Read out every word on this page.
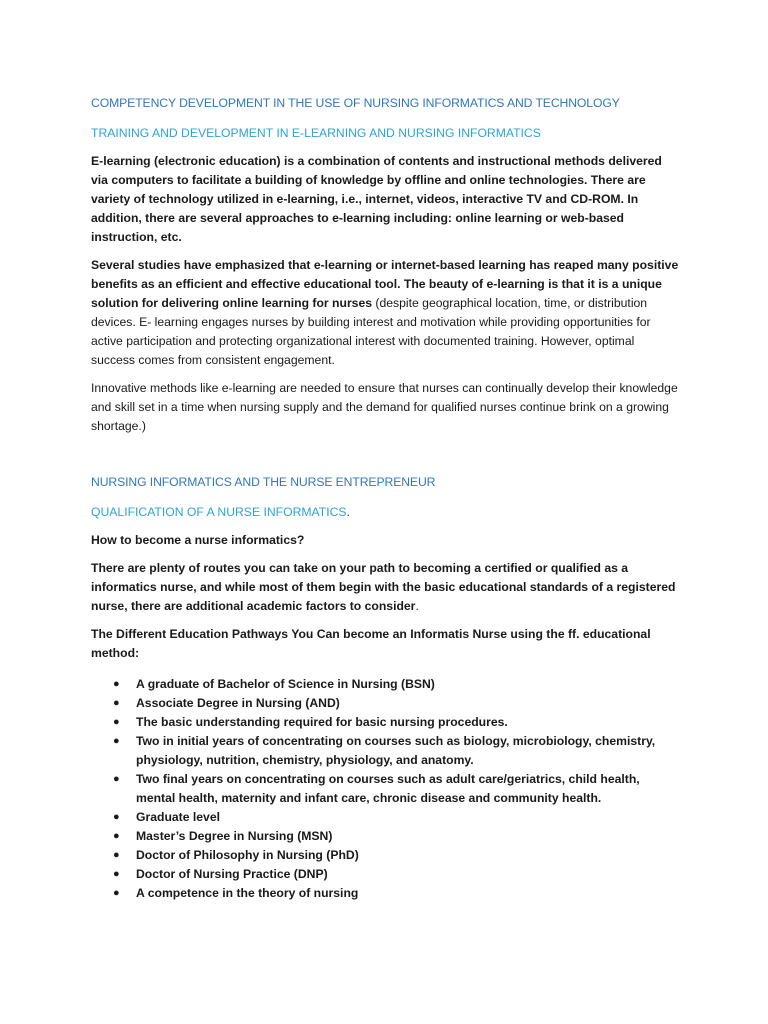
COMPETENCY DEVELOPMENT IN THE USE OF NURSING INFORMATICS AND TECHNOLOGY
TRAINING AND DEVELOPMENT IN E-LEARNING AND NURSING INFORMATICS

E-learning (electronic education) is a combination of contents and instructional methods delivered via computers to facilitate a building of knowledge by offline and online technologies. There are variety of technology utilized in e-learning, i.e., internet, videos, interactive TV and CD-ROM. In addition, there are several approaches to e-learning including: online learning or web-based instruction, etc.

Several studies have emphasized that e-learning or internet-based learning has reaped many positive benefits as an efficient and effective educational tool. The beauty of e-learning is that it is a unique solution for delivering online learning for nurses (despite geographical location, time, or distribution devices. E- learning engages nurses by building interest and motivation while providing opportunities for active participation and protecting organizational interest with documented training. However, optimal success comes from consistent engagement.

Innovative methods like e-learning are needed to ensure that nurses can continually develop their knowledge and skill set in a time when nursing supply and the demand for qualified nurses continue brink on a growing shortage.)

NURSING INFORMATICS AND THE NURSE ENTREPRENEUR
QUALIFICATION OF A NURSE INFORMATICS.

How to become a nurse informatics?

There are plenty of routes you can take on your path to becoming a certified or qualified as a informatics nurse, and while most of them begin with the basic educational standards of a registered nurse, there are additional academic factors to consider.

The Different Education Pathways You Can become an Informatis Nurse using the ff. educational method:

● A graduate of Bachelor of Science in Nursing (BSN)
● Associate Degree in Nursing (AND)
● The basic understanding required for basic nursing procedures.
● Two in initial years of concentrating on courses such as biology, microbiology, chemistry, physiology, nutrition, chemistry, physiology, and anatomy.
● Two final years on concentrating on courses such as adult care/geriatrics, child health, mental health, maternity and infant care, chronic disease and community health.
● Graduate level
● Master’s Degree in Nursing (MSN)
● Doctor of Philosophy in Nursing (PhD)
● Doctor of Nursing Practice (DNP)
● A competence in the theory of nursing
